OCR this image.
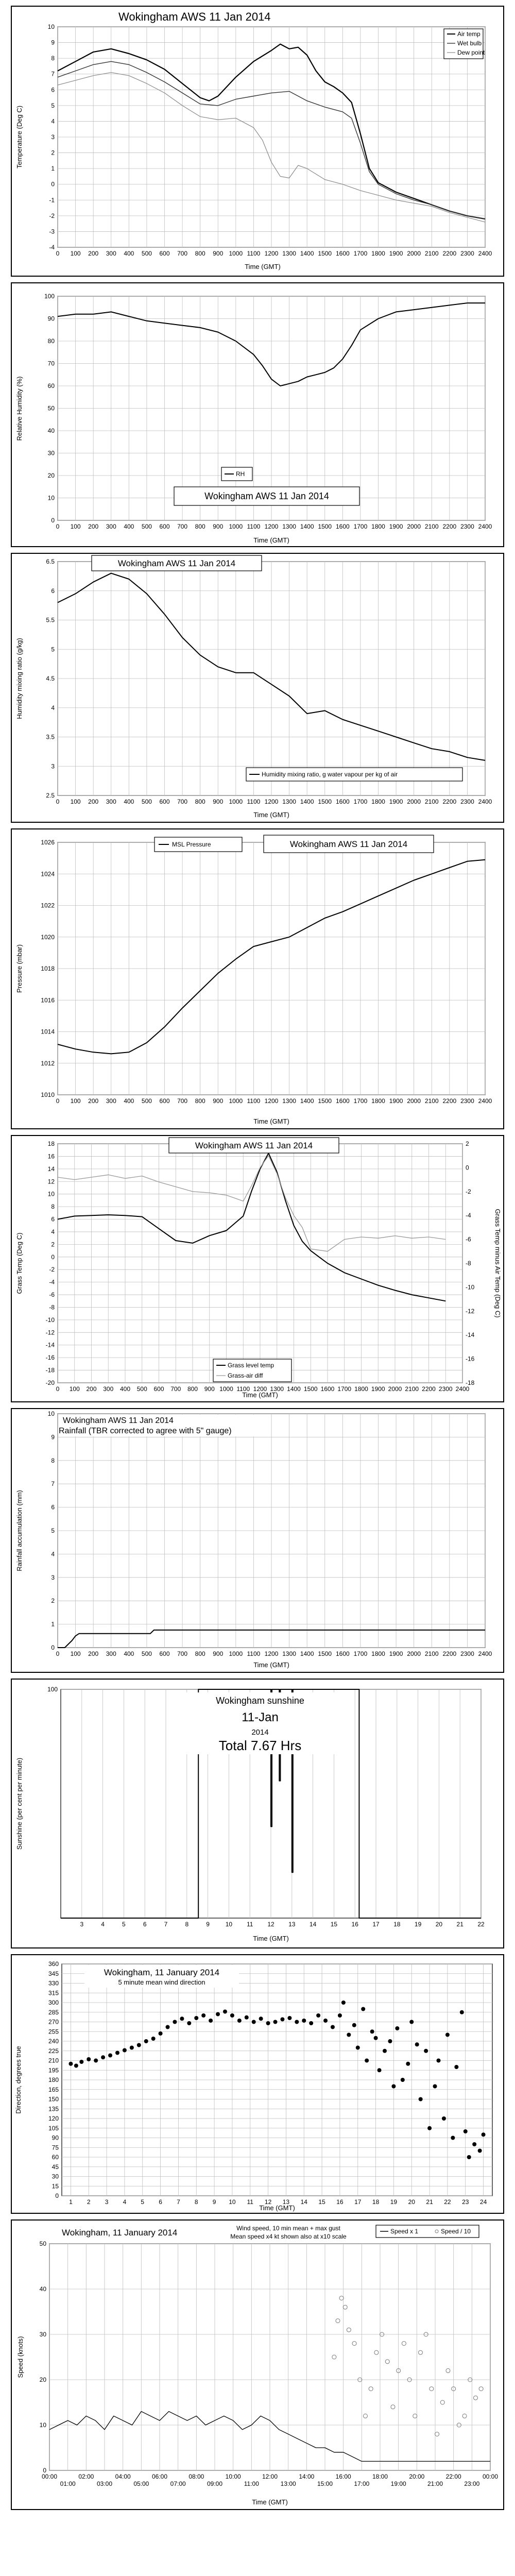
Wokingham AWS 11 Jan 2014
0 100 200 300 400 500 600 700 800 900 1000 1100 1200 1300 1400 1500 1600 1700 1800 1900 2000 2100 2200 2300 2400
-4
-3
-2
-1
0
1
2
3
4
5
6
7
8
9
10
Air temp
Wet bulb
Dew point
Time (GMT)
Temperature (Deg C)
0 100 200 300 400 500 600 700 800 900 1000 1100 1200 1300 1400 1500 1600 1700 1800 1900 2000 2100 2200 2300 2400
0
10
20
30
40
50
60
70
80
90
100
RH
Wokingham AWS 11 Jan 2014
Time (GMT)
Relative Humidity (%)
0 100 200 300 400 500 600 700 800 900 1000 1100 1200 1300 1400 1500 1600 1700 1800 1900 2000 2100 2200 2300 2400
2.5
3
3.5
4
4.5
5
5.5
6
6.5	Wokingham AWS 11 Jan 2014
Humidity mixing ratio, g water vapour per kg of air
Time (GMT)
Humidity mixing ratio (g/kg)
0 100 200 300 400 500 600 700 800 900 1000 1100 1200 1300 1400 1500 1600 1700 1800 1900 2000 2100 2200 2300 2400
1010
1012
1014
1016
1018
1020
1022
1024
1026	MSL Pressure	Wokingham AWS 11 Jan 2014
Time (GMT)
Pressure (mbar)
0 100 200 300 400 500 600 700 800 900 1000 1100 1200 1300 1400 1500 1600 1700 1800 1900 2000 2100 2200 2300 2400
-20
-18
-16
-14
-12
-10
-8
-6
-4
-2
0
2
4
6
8
10
12
14
16
18
-18
-16
-14
-12
-10
-8
-6
-4
-2
0
2
Wokingham AWS 11 Jan 2014
Grass level temp
Grass-air diff
Time (GMT)
Grass Temp (Deg C)	Grass Temp minus Air Temp (Deg C)
0 100 200 300 400 500 600 700 800 900 1000 1100 1200 1300 1400 1500 1600 1700 1800 1900 2000 2100 2200 2300 2400
0
1
2
3
4
5
6
7
8
9
10
Wokingham AWS 11 Jan 2014
Rainfall (TBR corrected to agree with 5" gauge)
Time (GMT)
Rainfall accumulation (mm)
3	4	5	6	7	8	9	10 11 12 13 14 15 16 17 18 19 20 21 22
100
Wokingham sunshine
11-Jan
2014
Total 7.67 Hrs
Time (GMT)
Sunshine (per cent per minute)
1 2 3 4 5 6 7 8 9 10 11 12 13 14 15 16 17 18 19 20 21 22 23 24
0
15
30
45
60
75
90
105
120
135
150
165
180
195
210
225
240
255
270
285
300
315
330
345
360
Wokingham, 11 January 2014
5 minute mean wind direction
Time (GMT)
Direction, degrees true
00:00
01:00
02:00
03:00
04:00
05:00
06:00
07:00
08:00
09:00
10:00
11:00
12:00
13:00
14:00
15:00
16:00
17:00
18:00
19:00
20:00
21:00
22:00
23:00
00:00
0
10
20
30
40
50
Wokingham, 11 January 2014	Wind speed, 10 min mean + max gust
Mean speed x4 kt shown also at x10 scale
Speed x 1	Speed / 10
Time (GMT)
Speed (knots)
